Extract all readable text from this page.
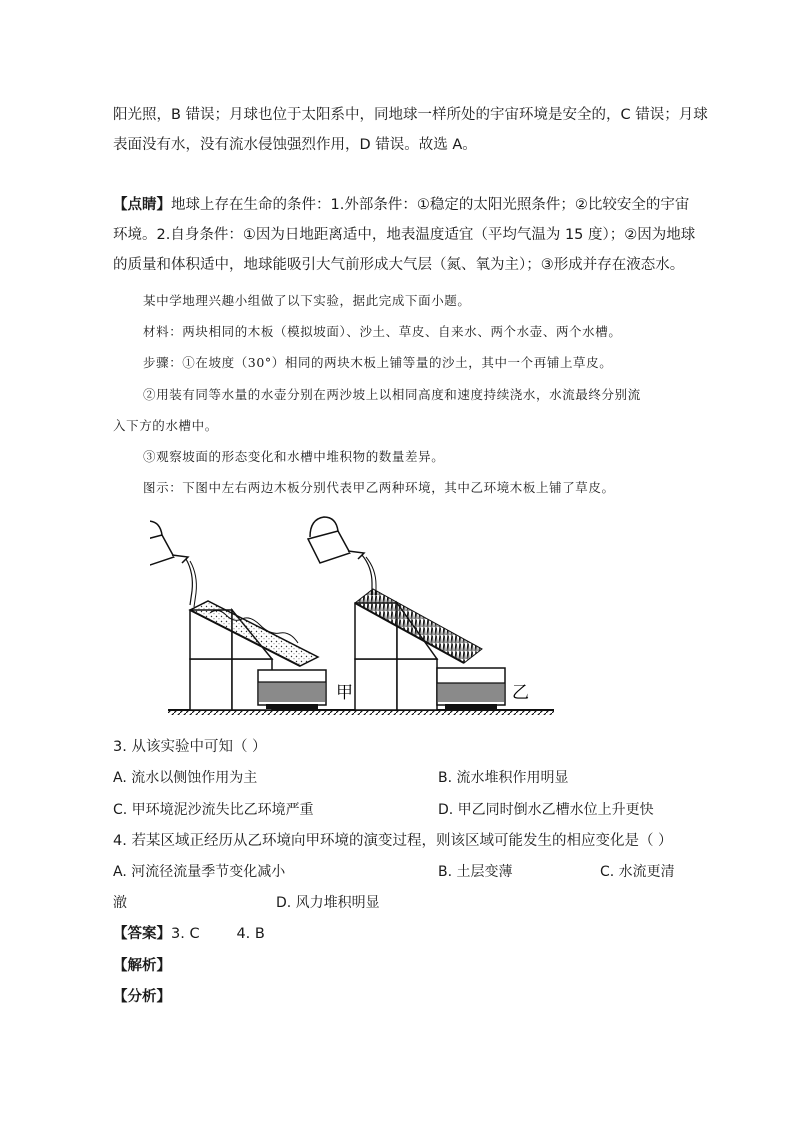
阳光照，B 错误；月球也位于太阳系中，同地球一样所处的宇宙环境是安全的，C 错误；月球
表面没有水，没有流水侵蚀强烈作用，D 错误。故选 A。
【点睛】地球上存在生命的条件：1.外部条件：①稳定的太阳光照条件；②比较安全的宇宙
环境。2.自身条件：①因为日地距离适中，地表温度适宜（平均气温为 15 度）；②因为地球
的质量和体积适中，地球能吸引大气前形成大气层（氮、氧为主）；③形成并存在液态水。
某中学地理兴趣小组做了以下实验，据此完成下面小题。
材料：两块相同的木板（模拟坡面）、沙土、草皮、自来水、两个水壶、两个水槽。
步骤：①在坡度（30°）相同的两块木板上铺等量的沙土，其中一个再铺上草皮。
②用装有同等水量的水壶分别在两沙坡上以相同高度和速度持续浇水，水流最终分别流
入下方的水槽中。
③观察坡面的形态变化和水槽中堆积物的数量差异。
图示：下图中左右两边木板分别代表甲乙两种环境，其中乙环境木板上铺了草皮。
甲	乙
3. 从该实验中可知（ ）
A. 流水以侧蚀作用为主	B. 流水堆积作用明显
C. 甲环境泥沙流失比乙环境严重	D. 甲乙同时倒水乙槽水位上升更快
4. 若某区域正经历从乙环境向甲环境的演变过程，则该区域可能发生的相应变化是（ ）
A. 河流径流量季节变化减小	B. 土层变薄	C. 水流更清
澈	D. 风力堆积明显
【答案】3. C        4. B
【解析】
【分析】
